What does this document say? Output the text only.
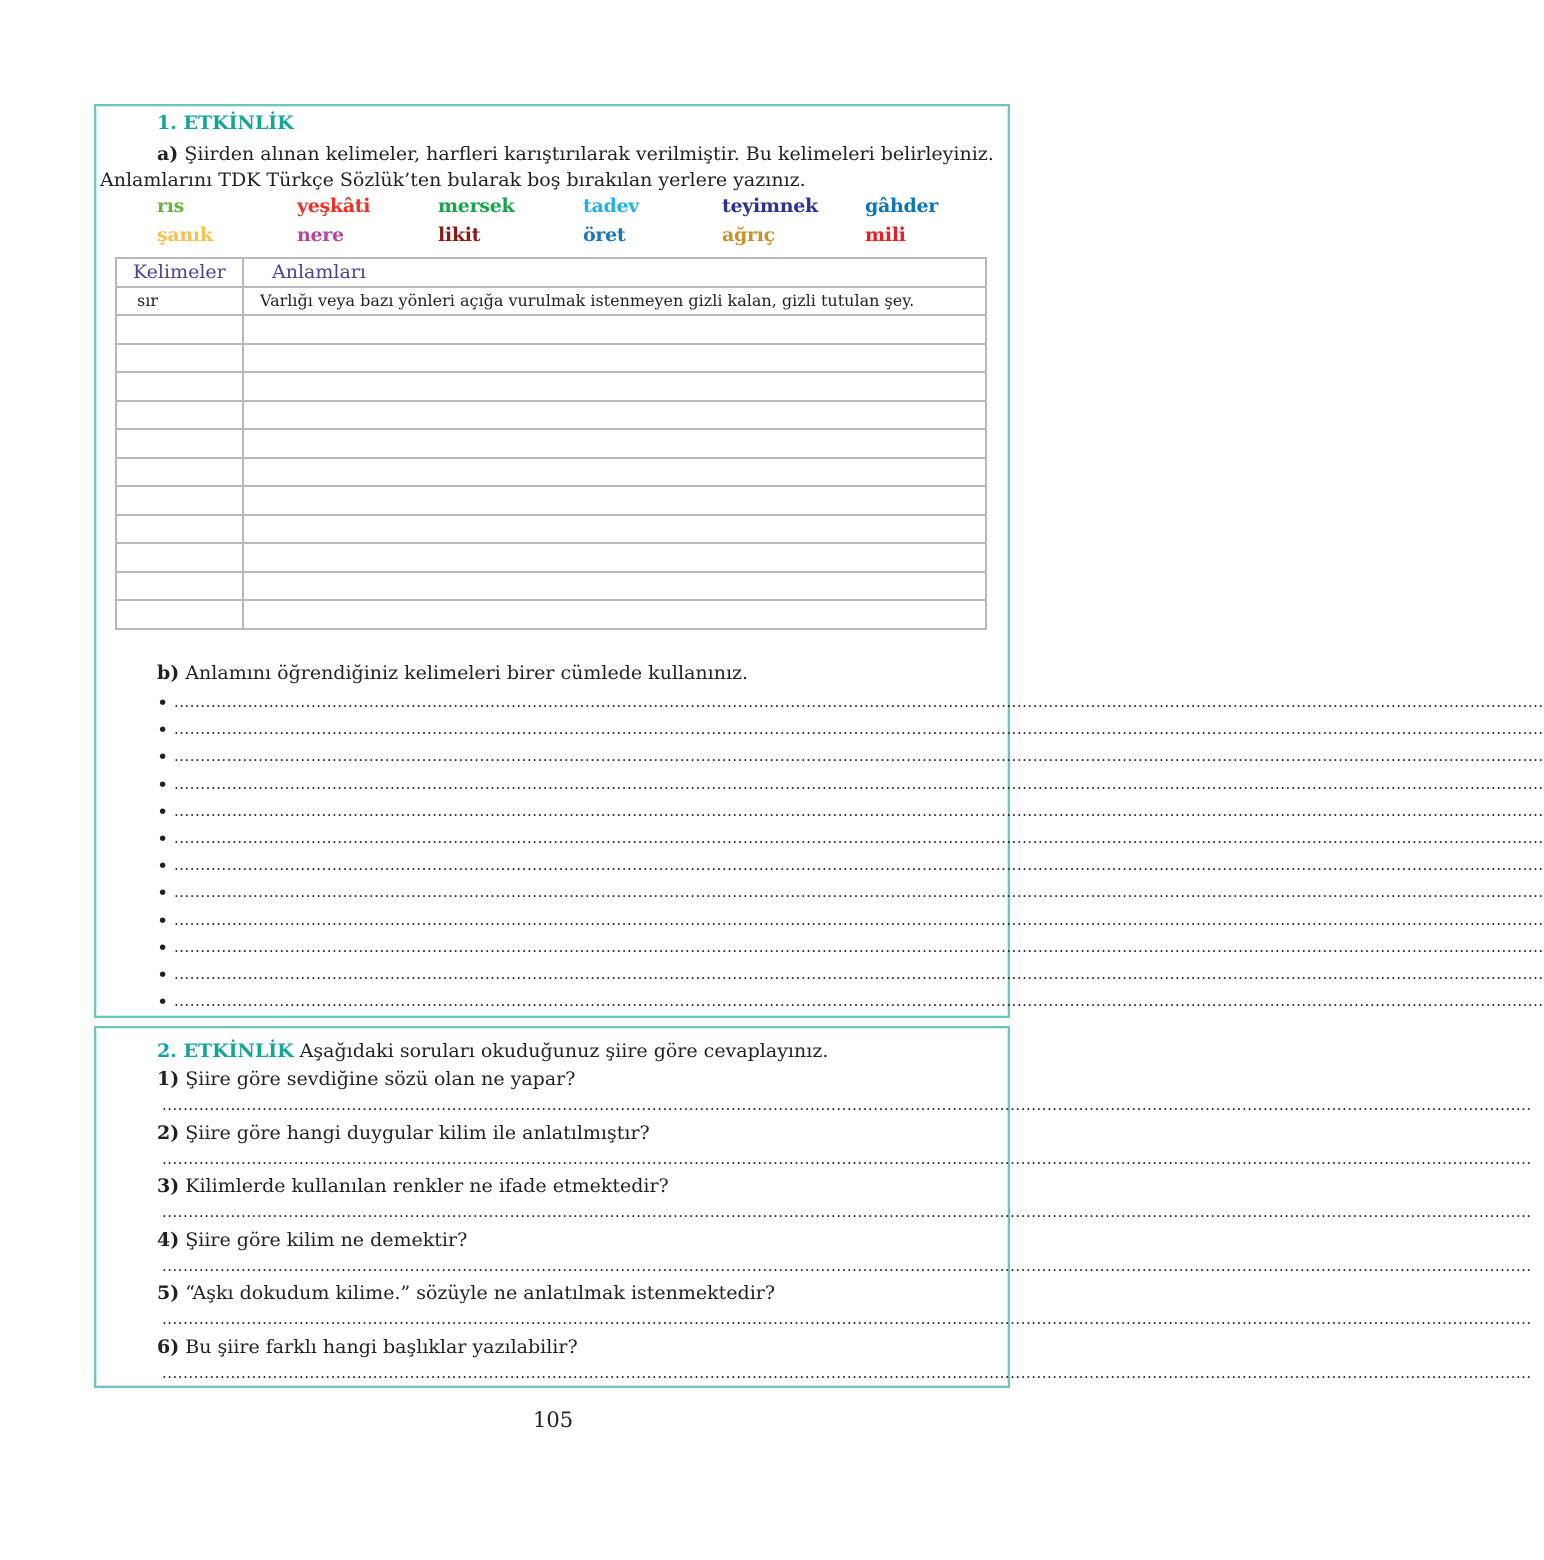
1. ETKİNLİK
a) Şiirden alınan kelimeler, harfleri karıştırılarak verilmiştir. Bu kelimeleri belirleyiniz.
Anlamlarını TDK Türkçe Sözlük’ten bularak boş bırakılan yerlere yazınız.
rıs	yeşkâti	mersek	tadev	teyimnek gâhder
şanık	nere	likit	öret	ağrıç	mili
Kelimeler	Anlamları
sır	Varlığı veya bazı yönleri açığa vurulmak istenmeyen gizli kalan, gizli tutulan şey.

b) Anlamını öğrendiğiniz kelimeleri birer cümlede kullanınız.
• ....................................................................................................................................................................................................................................................................
• ....................................................................................................................................................................................................................................................................
• ....................................................................................................................................................................................................................................................................
• ....................................................................................................................................................................................................................................................................
• ....................................................................................................................................................................................................................................................................
• ....................................................................................................................................................................................................................................................................
• ....................................................................................................................................................................................................................................................................
• ....................................................................................................................................................................................................................................................................
• ....................................................................................................................................................................................................................................................................
• ....................................................................................................................................................................................................................................................................
• ....................................................................................................................................................................................................................................................................
• ....................................................................................................................................................................................................................................................................
2. ETKİNLİK Aşağıdaki soruları okuduğunuz şiire göre cevaplayınız.
1) Şiire göre sevdiğine sözü olan ne yapar?
....................................................................................................................................................................................................................................................................
2) Şiire göre hangi duygular kilim ile anlatılmıştır?
....................................................................................................................................................................................................................................................................
3) Kilimlerde kullanılan renkler ne ifade etmektedir?
....................................................................................................................................................................................................................................................................
4) Şiire göre kilim ne demektir?
....................................................................................................................................................................................................................................................................
5) “Aşkı dokudum kilime.” sözüyle ne anlatılmak istenmektedir?
....................................................................................................................................................................................................................................................................
6) Bu şiire farklı hangi başlıklar yazılabilir?
....................................................................................................................................................................................................................................................................
105
